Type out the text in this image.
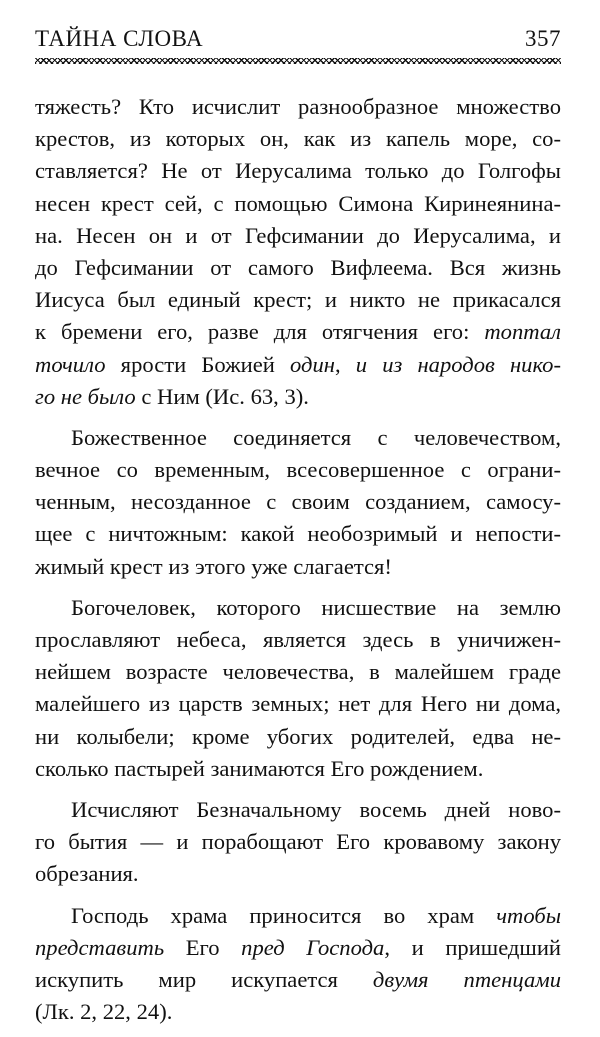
ТАЙНА СЛОВА	357
тяжесть? Кто исчислит разнообразное множество
крестов, из которых он, как из капель море, со-
ставляется? Не от Иерусалима только до Голгофы
несен крест сей, с помощью Симона Киринеянина-
на. Несен он и от Гефсимании до Иерусалима, и
до Гефсимании от самого Вифлеема. Вся жизнь
Иисуса был единый крест; и никто не прикасался
к бремени его, разве для отягчения его: топтал
точило ярости Божией один, и из народов нико-
го не было с Ним (Ис. 63, 3).
Божественное соединяется с человечеством,
вечное со временным, всесовершенное с ограни-
ченным, несозданное с своим созданием, самосу-
щее с ничтожным: какой необозримый и непости-
жимый крест из этого уже слагается!
Богочеловек, которого нисшествие на землю
прославляют небеса, является здесь в уничижен-
нейшем возрасте человечества, в малейшем граде
малейшего из царств земных; нет для Него ни дома,
ни колыбели; кроме убогих родителей, едва не-
сколько пастырей занимаются Его рождением.
Исчисляют Безначальному восемь дней ново-
го бытия — и порабощают Его кровавому закону
обрезания.
Господь храма приносится во храм чтобы
представить Его пред Господа, и пришедший
искупить мир искупается двумя птенцами
(Лк. 2, 22, 24).
